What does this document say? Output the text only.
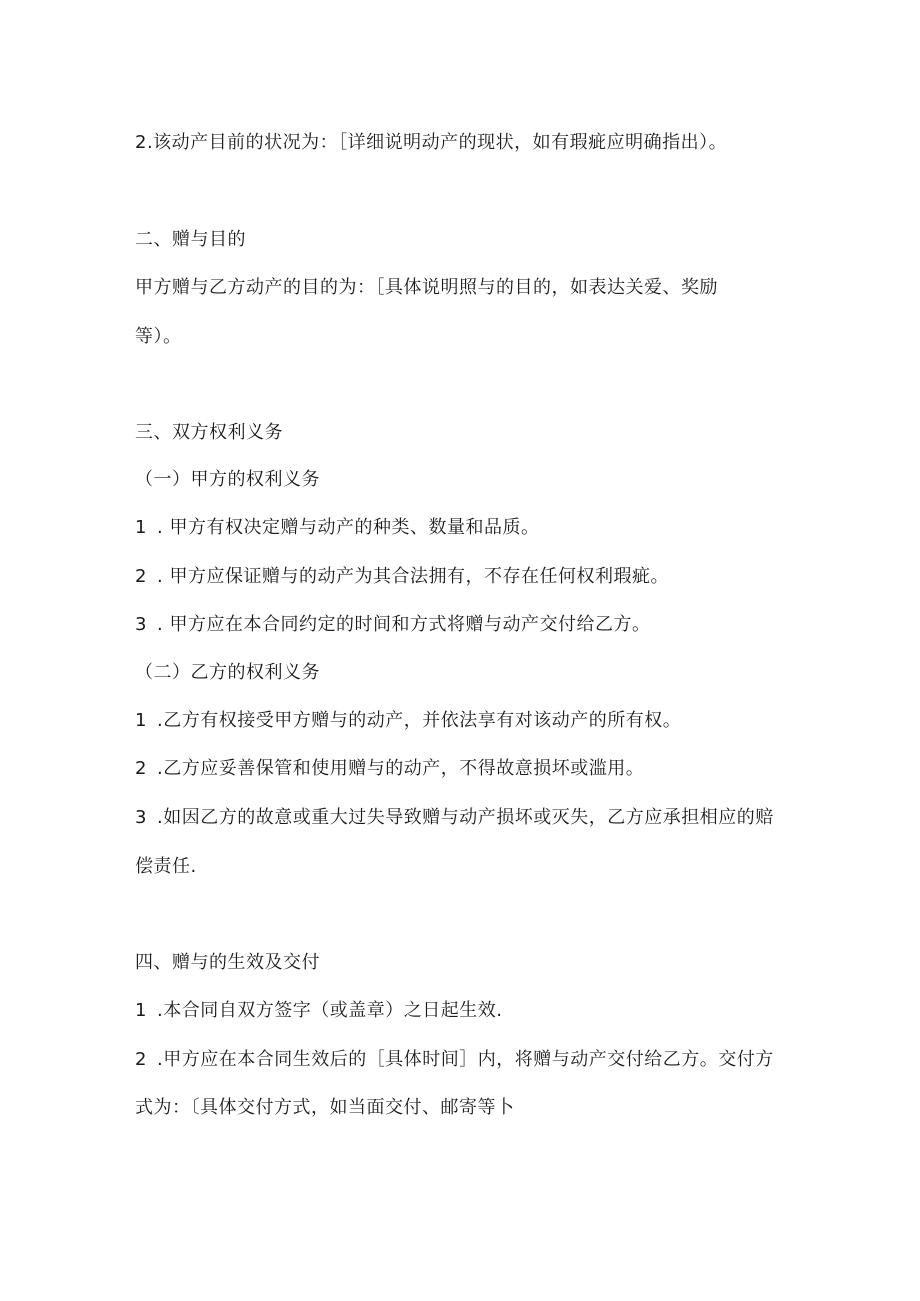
2.该动产目前的状况为：［详细说明动产的现状，如有瑕疵应明确指出）。
二、赠与目的
甲方赠与乙方动产的目的为：［具体说明照与的目的，如表达关爱、奖励
等）。
三、双方权利义务
（一）甲方的权利义务
1 . 甲方有权决定赠与动产的种类、数量和品质。
2 . 甲方应保证赠与的动产为其合法拥有，不存在任何权利瑕疵。
3 . 甲方应在本合同约定的时间和方式将赠与动产交付给乙方。
（二）乙方的权利义务
1 .乙方有权接受甲方赠与的动产，并依法享有对该动产的所有权。
2 .乙方应妥善保管和使用赠与的动产，不得故意损坏或滥用。
3 .如因乙方的故意或重大过失导致赠与动产损坏或灭失，乙方应承担相应的赔
偿责任.
四、赠与的生效及交付
1 .本合同自双方签字（或盖章）之日起生效.
2 .甲方应在本合同生效后的［具体时间］内，将赠与动产交付给乙方。交付方
式为：〔具体交付方式，如当面交付、邮寄等卜
